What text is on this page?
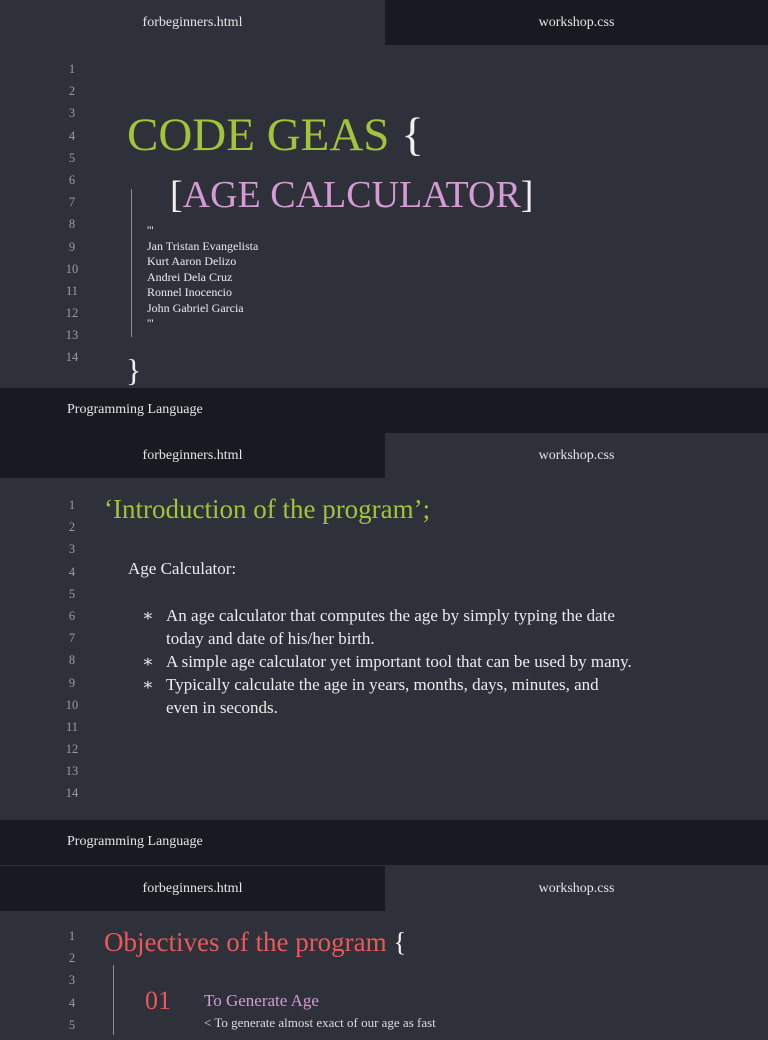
forbeginners.html	workshop.css
1
2
3
4
5
6
7
8
9
10
11
12
13
14
CODE GEAS {
[AGE CALCULATOR]
'''
Jan Tristan Evangelista
Kurt Aaron Delizo
Andrei Dela Cruz
Ronnel Inocencio
John Gabriel Garcia
'''
}
Programming Language
forbeginners.html	workshop.css
1
2
3
4
5
6
7
8
9
10
11
12
13
14
‘Introduction of the program’;
Age Calculator:
∗ An age calculator that computes the age by simply typing the date
today and date of his/her birth.
∗ A simple age calculator yet important tool that can be used by many.
∗ Typically calculate the age in years, months, days, minutes, and
even in seconds.
Programming Language
forbeginners.html	workshop.css
1
2
3
4
5
Objectives of the program {
01 To Generate Age
< To generate almost exact of our age as fast
